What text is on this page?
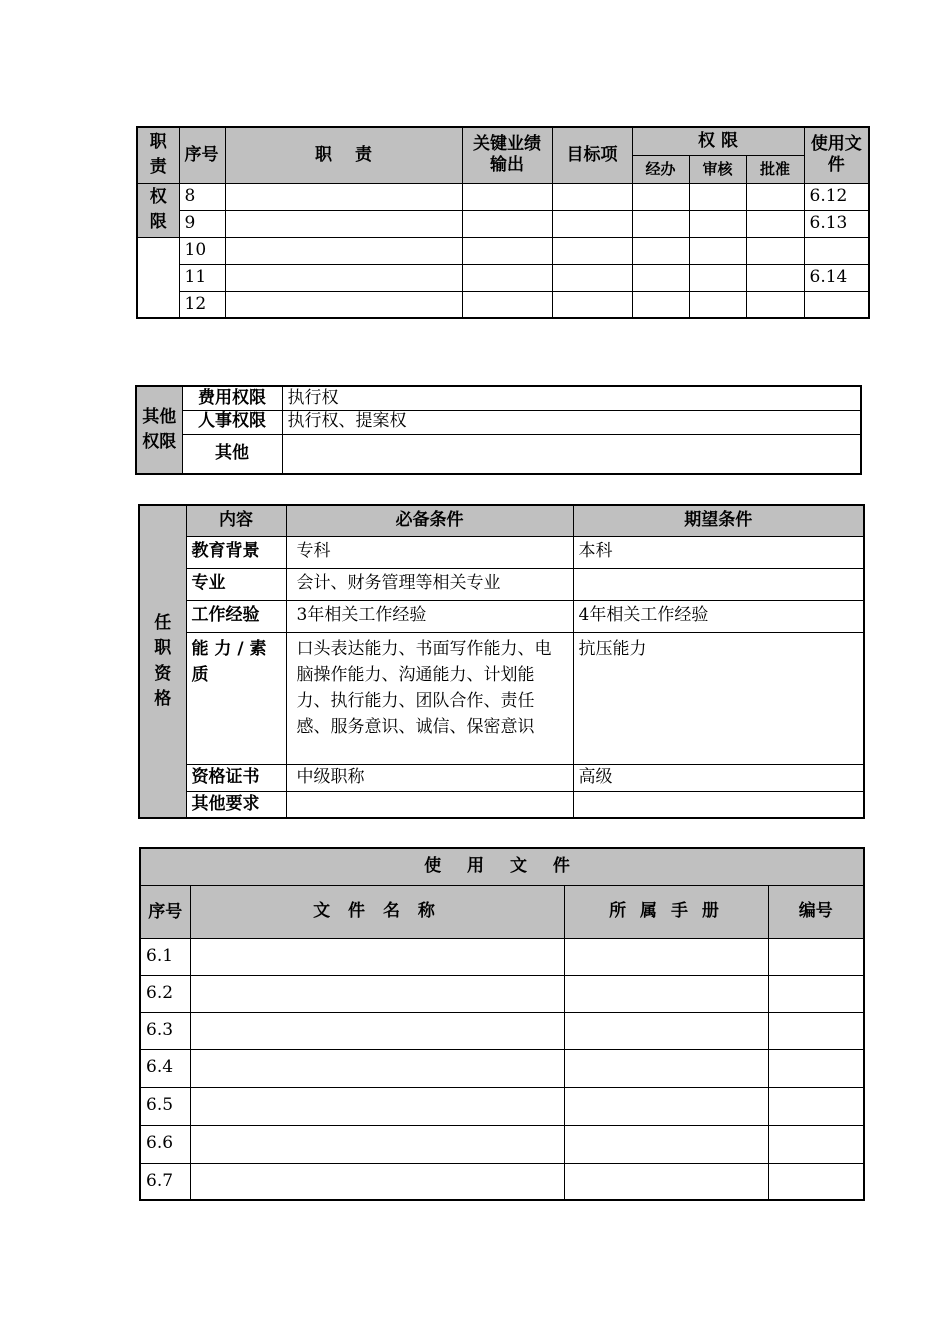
职责	序号	职　 责	关键业绩输出	目标项	权 限			使用文件
					经办	审核	批准	
权限	8							6.12
	9							6.13
	10							
	11							6.14
	12							
其他权限	费用权限	执行权
	人事权限	执行权、提案权
	其他	
任职资格	内容	必备条件	期望条件
	教育背景	专科	本科
	专业	会计、财务管理等相关专业	
	工作经验	3年相关工作经验	4年相关工作经验
	能 力 / 素质	口头表达能力、书面写作能力、电脑操作能力、沟通能力、计划能力、执行能力、团队合作、责任感、服务意识、诚信、保密意识	抗压能力
	资格证书	中级职称	高级
	其他要求		
使 用 文 件			
序号	文 件 名 称	所 属 手 册	编号
6.1			
6.2			
6.3			
6.4			
6.5			
6.6			
6.7			
